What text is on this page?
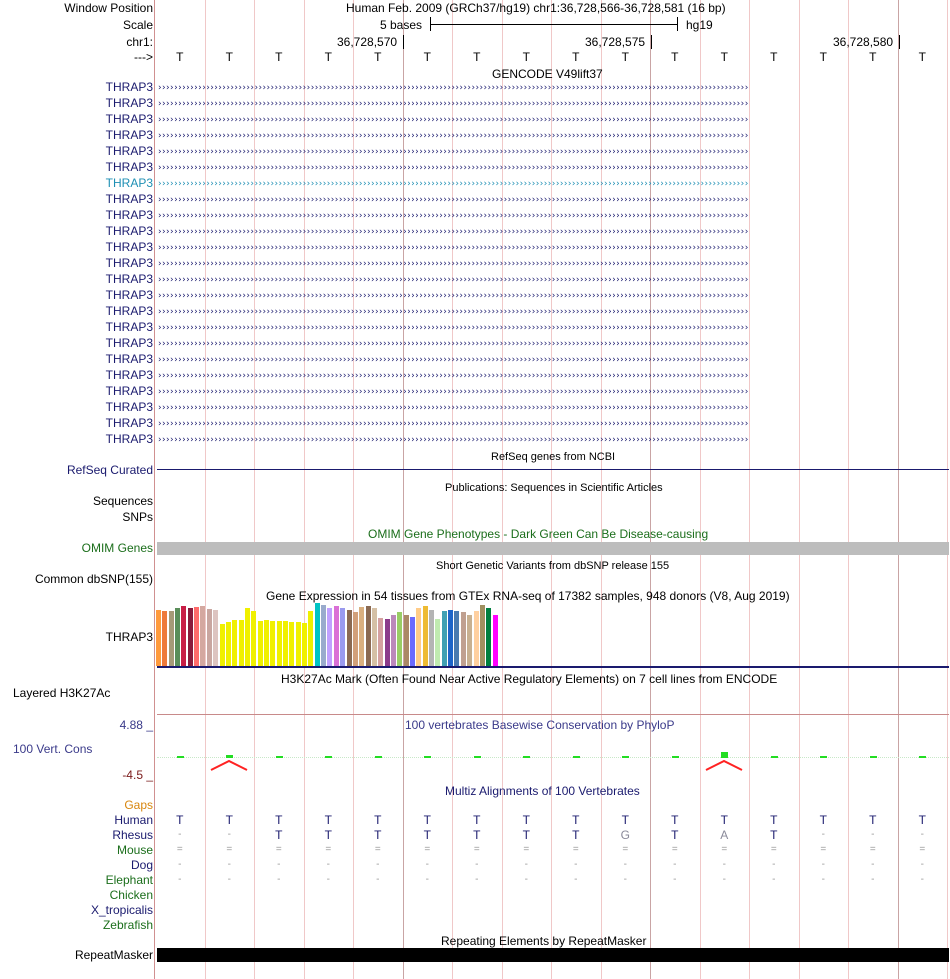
Window Position	Human Feb. 2009 (GRCh37/hg19) chr1:36,728,566-36,728,581 (16 bp)
Scale	5 bases	hg19
chr1:	36,728,570	36,728,575	36,728,580
---> T	T	T	T	T	T	T	T	T	T	T	T	T	T	T	T
GENCODE V49lift37
THRAP3 ›››››››››››››››››››››››››››››››››››››››››››››››››››››››››››››››››››››››››››››››››››››››››››››››››››››››››››››››››››››››››››››››››››››››››››››››››››
THRAP3 ›››››››››››››››››››››››››››››››››››››››››››››››››››››››››››››››››››››››››››››››››››››››››››››››››››››››››››››››››››››››››››››››››››››››››››››››››››
THRAP3 ›››››››››››››››››››››››››››››››››››››››››››››››››››››››››››››››››››››››››››››››››››››››››››››››››››››››››››››››››››››››››››››››››››››››››››››››››››
THRAP3 ›››››››››››››››››››››››››››››››››››››››››››››››››››››››››››››››››››››››››››››››››››››››››››››››››››››››››››››››››››››››››››››››››››››››››››››››››››
THRAP3 ›››››››››››››››››››››››››››››››››››››››››››››››››››››››››››››››››››››››››››››››››››››››››››››››››››››››››››››››››››››››››››››››››››››››››››››››››››
THRAP3 ›››››››››››››››››››››››››››››››››››››››››››››››››››››››››››››››››››››››››››››››››››››››››››››››››››››››››››››››››››››››››››››››››››››››››››››››››››
THRAP3 ›››››››››››››››››››››››››››››››››››››››››››››››››››››››››››››››››››››››››››››››››››››››››››››››››››››››››››››››››››››››››››››››››››››››››››››››››››
THRAP3 ›››››››››››››››››››››››››››››››››››››››››››››››››››››››››››››››››››››››››››››››››››››››››››››››››››››››››››››››››››››››››››››››››››››››››››››››››››
THRAP3 ›››››››››››››››››››››››››››››››››››››››››››››››››››››››››››››››››››››››››››››››››››››››››››››››››››››››››››››››››››››››››››››››››››››››››››››››››››
THRAP3 ›››››››››››››››››››››››››››››››››››››››››››››››››››››››››››››››››››››››››››››››››››››››››››››››››››››››››››››››››››››››››››››››››››››››››››››››››››
THRAP3 ›››››››››››››››››››››››››››››››››››››››››››››››››››››››››››››››››››››››››››››››››››››››››››››››››››››››››››››››››››››››››››››››››››››››››››››››››››
THRAP3 ›››››››››››››››››››››››››››››››››››››››››››››››››››››››››››››››››››››››››››››››››››››››››››››››››››››››››››››››››››››››››››››››››››››››››››››››››››
THRAP3 ›››››››››››››››››››››››››››››››››››››››››››››››››››››››››››››››››››››››››››››››››››››››››››››››››››››››››››››››››››››››››››››››››››››››››››››››››››
THRAP3 ›››››››››››››››››››››››››››››››››››››››››››››››››››››››››››››››››››››››››››››››››››››››››››››››››››››››››››››››››››››››››››››››››››››››››››››››››››
THRAP3 ›››››››››››››››››››››››››››››››››››››››››››››››››››››››››››››››››››››››››››››››››››››››››››››››››››››››››››››››››››››››››››››››››››››››››››››››››››
THRAP3 ›››››››››››››››››››››››››››››››››››››››››››››››››››››››››››››››››››››››››››››››››››››››››››››››››››››››››››››››››››››››››››››››››››››››››››››››››››
THRAP3 ›››››››››››››››››››››››››››››››››››››››››››››››››››››››››››››››››››››››››››››››››››››››››››››››››››››››››››››››››››››››››››››››››››››››››››››››››››
THRAP3 ›››››››››››››››››››››››››››››››››››››››››››››››››››››››››››››››››››››››››››››››››››››››››››››››››››››››››››››››››››››››››››››››››››››››››››››››››››
THRAP3 ›››››››››››››››››››››››››››››››››››››››››››››››››››››››››››››››››››››››››››››››››››››››››››››››››››››››››››››››››››››››››››››››››››››››››››››››››››
THRAP3 ›››››››››››››››››››››››››››››››››››››››››››››››››››››››››››››››››››››››››››››››››››››››››››››››››››››››››››››››››››››››››››››››››››››››››››››››››››
THRAP3 ›››››››››››››››››››››››››››››››››››››››››››››››››››››››››››››››››››››››››››››››››››››››››››››››››››››››››››››››››››››››››››››››››››››››››››››››››››
THRAP3 ›››››››››››››››››››››››››››››››››››››››››››››››››››››››››››››››››››››››››››››››››››››››››››››››››››››››››››››››››››››››››››››››››››››››››››››››››››
THRAP3 ›››››››››››››››››››››››››››››››››››››››››››››››››››››››››››››››››››››››››››››››››››››››››››››››››››››››››››››››››››››››››››››››››››››››››››››››››››
RefSeq genes from NCBI
RefSeq Curated
Publications: Sequences in Scientific Articles
Sequences
SNPs
OMIM Gene Phenotypes - Dark Green Can Be Disease-causing
OMIM Genes
Short Genetic Variants from dbSNP release 155
Common dbSNP(155)
Gene Expression in 54 tissues from GTEx RNA-seq of 17382 samples, 948 donors (V8, Aug 2019)
THRAP3
H3K27Ac Mark (Often Found Near Active Regulatory Elements) on 7 cell lines from ENCODE
Layered H3K27Ac
100 vertebrates Basewise Conservation by PhyloP
4.88 _
100 Vert. Cons
-4.5 _
Multiz Alignments of 100 Vertebrates
Gaps
Human T	T	T	T	T	T	T	T	T	T	T	T	T	T	T	T
Rhesus	-	-	T	T	T	T	T	T	T	G	T	A	T	-	-	-
Mouse	=	=	=	=	=	=	=	=	=	=	=	=	=	=	=	=
Dog	-	-	-	-	-	-	-	-	-	-	-	-	-	-	-	-
Elephant	-	-	-	-	-	-	-	-	-	-	-	-	-	-	-	-
Chicken
X_tropicalis
Zebrafish
Repeating Elements by RepeatMasker
RepeatMasker
